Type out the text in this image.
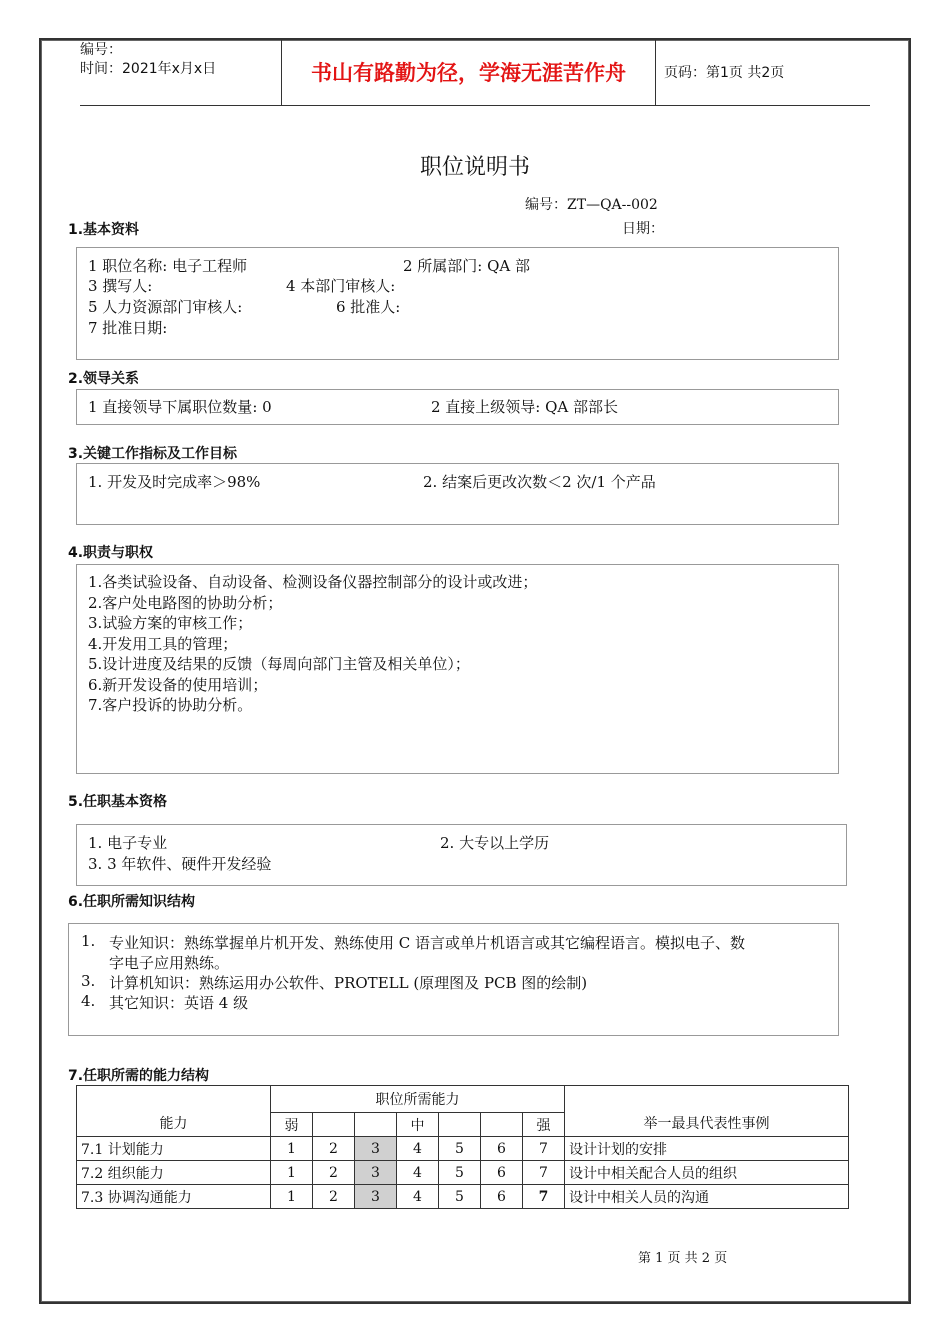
编号：
时间：2021年x月x日	书山有路勤为径，学海无涯苦作舟	页码：第1页 共2页
职位说明书
编号：ZT—QA--002
日期：
1.基本资料
1 职位名称: 电子工程师	2 所属部门: QA 部
3 撰写人:	4 本部门审核人:
5 人力资源部门审核人:	6 批准人:
7 批准日期:
2.领导关系
1 直接领导下属职位数量: 0	2 直接上级领导: QA 部部长
3.关键工作指标及工作目标
1. 开发及时完成率＞98%	2. 结案后更改次数＜2 次/1 个产品
4.职责与职权
1.各类试验设备、自动设备、检测设备仪器控制部分的设计或改进；
2.客户处电路图的协助分析；
3.试验方案的审核工作；
4.开发用工具的管理；
5.设计进度及结果的反馈（每周向部门主管及相关单位）；
6.新开发设备的使用培训；
7.客户投诉的协助分析。
5.任职基本资格
1. 电子专业	2. 大专以上学历
3. 3 年软件、硬件开发经验
6.任职所需知识结构
1. 专业知识：熟练掌握单片机开发、熟练使用 C 语言或单片机语言或其它编程语言。模拟电子、数
字电子应用熟练。
3. 计算机知识：熟练运用办公软件、PROTELL (原理图及 PCB 图的绘制)
4. 其它知识：英语 4 级
7.任职所需的能力结构
能力	职位所需能力							举一最具代表性事例
	弱			中			强	
7.1 计划能力	1	2	3	4	5	6	7	设计计划的安排
7.2 组织能力	1	2	3	4	5	6	7	设计中相关配合人员的组织
7.3 协调沟通能力	1	2	3	4	5	6	7	设计中相关人员的沟通
第 1 页 共 2 页
